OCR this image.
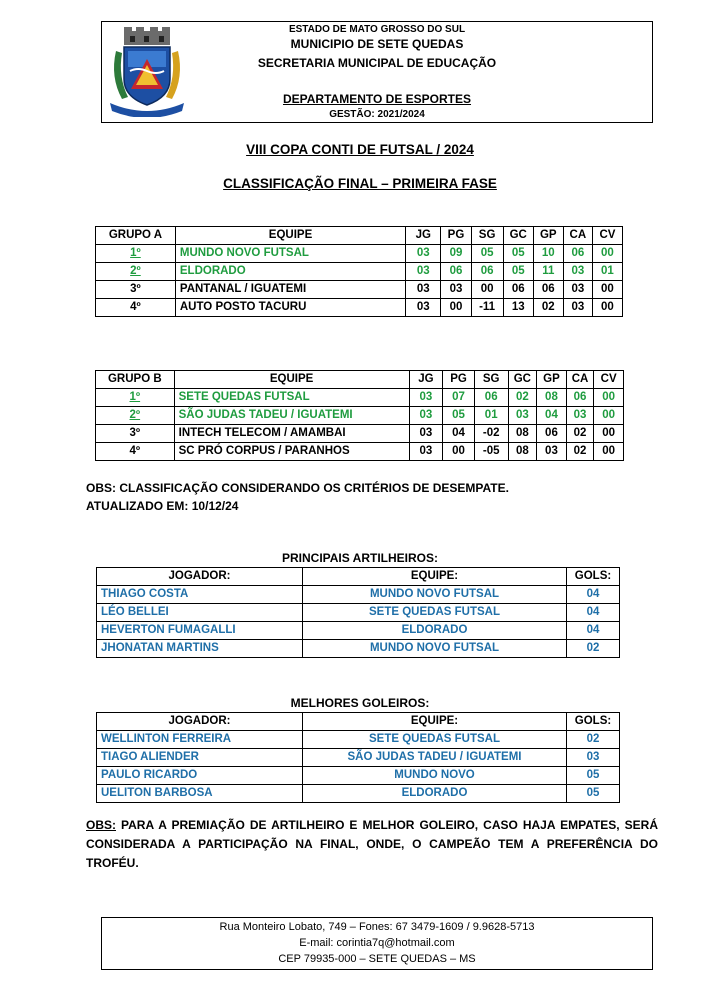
ESTADO DE MATO GROSSO DO SUL
MUNICIPIO DE SETE QUEDAS
SECRETARIA MUNICIPAL DE EDUCAÇÃO
DEPARTAMENTO DE ESPORTES
GESTÃO: 2021/2024
VIII COPA CONTI DE FUTSAL / 2024
CLASSIFICAÇÃO FINAL – PRIMEIRA FASE
GRUPO A	EQUIPE	JG	PG	SG	GC	GP	CA	CV
1º	MUNDO NOVO FUTSAL	03	09	05	05	10	06	00
2º	ELDORADO	03	06	06	05	11	03	01
3º	PANTANAL / IGUATEMI	03	03	00	06	06	03	00
4º	AUTO POSTO TACURU	03	00	-11	13	02	03	00
GRUPO B	EQUIPE	JG	PG	SG	GC	GP	CA	CV
1º	SETE QUEDAS FUTSAL	03	07	06	02	08	06	00
2º	SÃO JUDAS TADEU / IGUATEMI	03	05	01	03	04	03	00
3º	INTECH TELECOM / AMAMBAI	03	04	-02	08	06	02	00
4º	SC PRÓ CORPUS / PARANHOS	03	00	-05	08	03	02	00
OBS: CLASSIFICAÇÃO CONSIDERANDO OS CRITÉRIOS DE DESEMPATE.
ATUALIZADO EM: 10/12/24
PRINCIPAIS ARTILHEIROS:
JOGADOR:	EQUIPE:	GOLS:
THIAGO COSTA	MUNDO NOVO FUTSAL	04
LÉO BELLEI	SETE QUEDAS FUTSAL	04
HEVERTON FUMAGALLI	ELDORADO	04
JHONATAN MARTINS	MUNDO NOVO FUTSAL	02
MELHORES GOLEIROS:
JOGADOR:	EQUIPE:	GOLS:
WELLINTON FERREIRA	SETE QUEDAS FUTSAL	02
TIAGO ALIENDER	SÃO JUDAS TADEU / IGUATEMI	03
PAULO RICARDO	MUNDO NOVO	05
UELITON BARBOSA	ELDORADO	05
OBS: PARA A PREMIAÇÃO DE ARTILHEIRO E MELHOR GOLEIRO, CASO HAJA EMPATES, SERÁ CONSIDERADA A PARTICIPAÇÃO NA FINAL, ONDE, O CAMPEÃO TEM A PREFERÊNCIA DO TROFÉU.
Rua Monteiro Lobato, 749 – Fones: 67 3479-1609 / 9.9628-5713
E-mail: corintia7q@hotmail.com
CEP 79935-000 – SETE QUEDAS – MS
